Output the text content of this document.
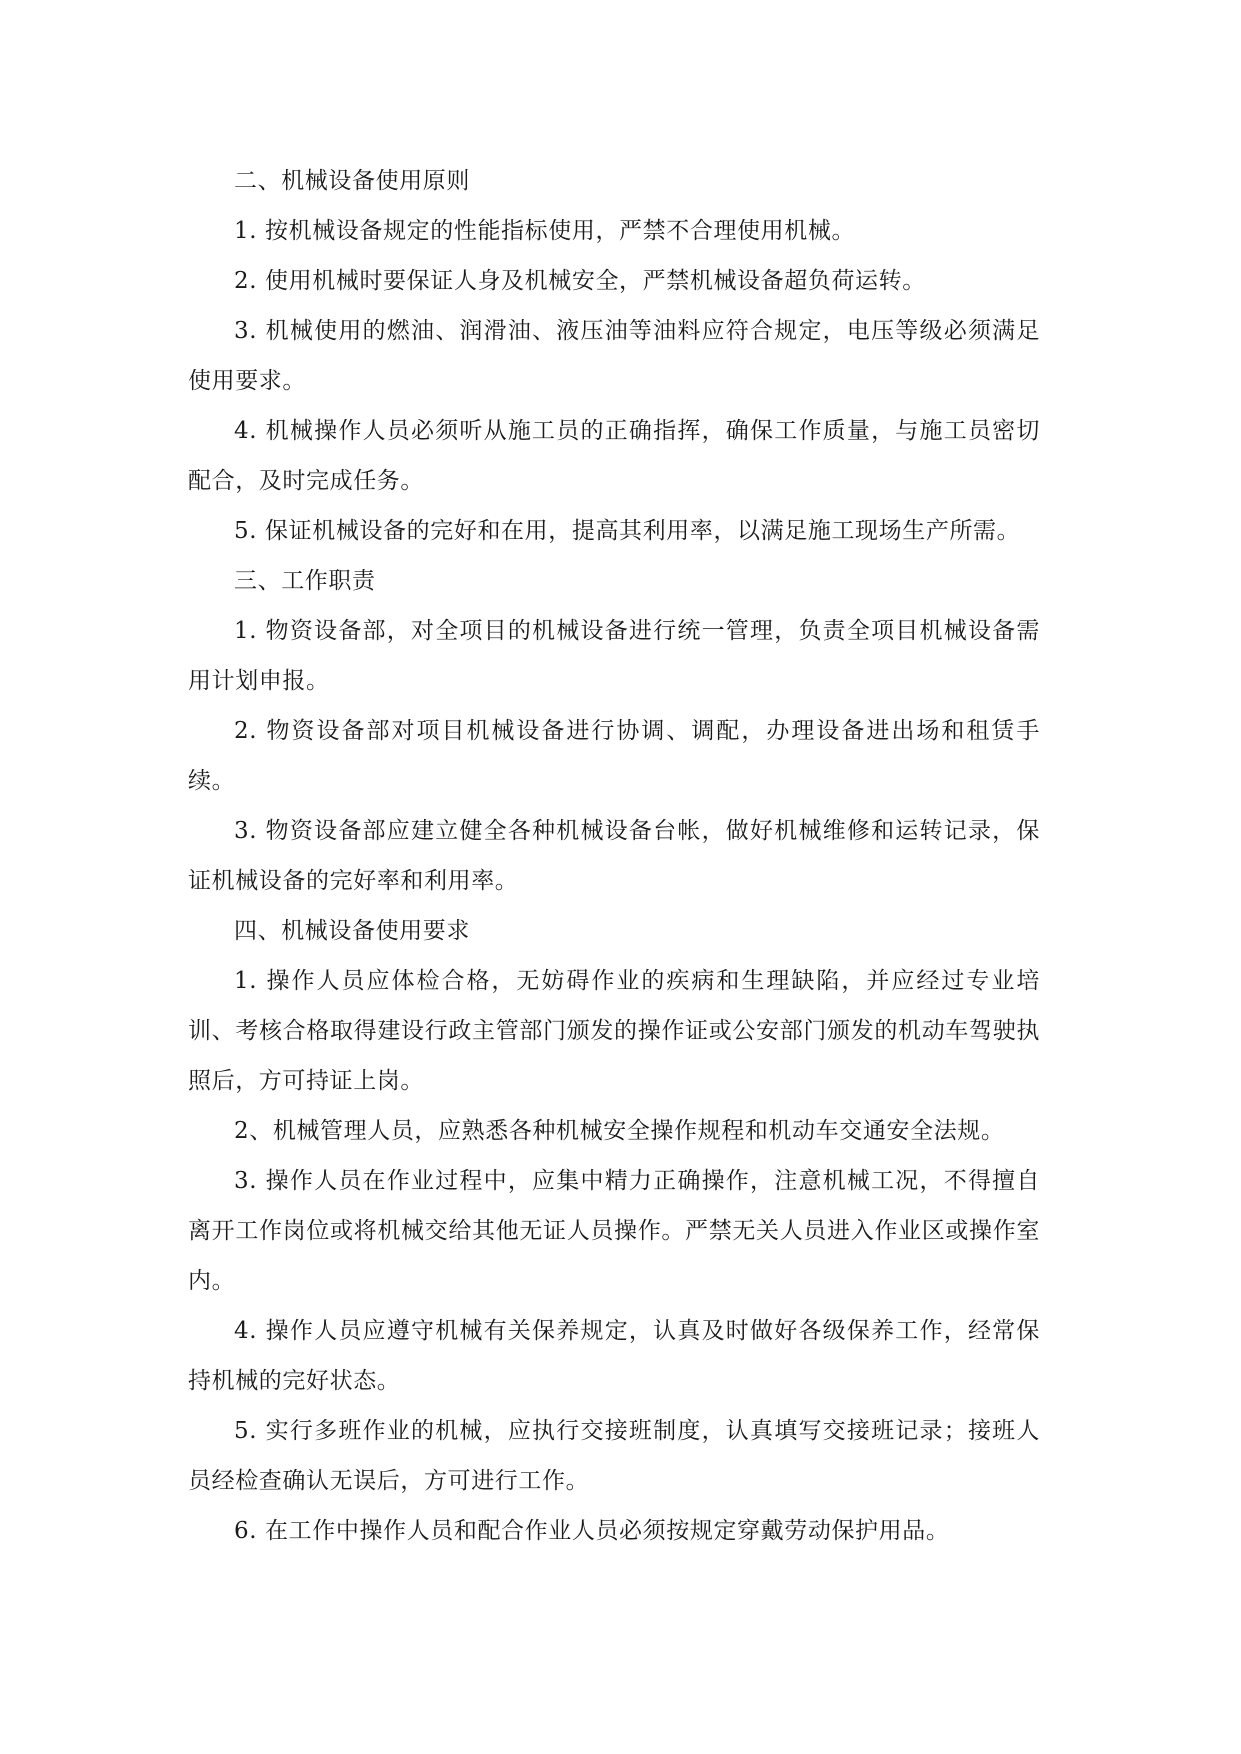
二、机械设备使用原则

1. 按机械设备规定的性能指标使用，严禁不合理使用机械。

2. 使用机械时要保证人身及机械安全，严禁机械设备超负荷运转。

3. 机械使用的燃油、润滑油、液压油等油料应符合规定，电压等级必须满足使用要求。

4. 机械操作人员必须听从施工员的正确指挥，确保工作质量，与施工员密切配合，及时完成任务。

5. 保证机械设备的完好和在用，提高其利用率，以满足施工现场生产所需。

三、工作职责

1. 物资设备部，对全项目的机械设备进行统一管理，负责全项目机械设备需用计划申报。

2. 物资设备部对项目机械设备进行协调、调配，办理设备进出场和租赁手续。

3. 物资设备部应建立健全各种机械设备台帐，做好机械维修和运转记录，保证机械设备的完好率和利用率。

四、机械设备使用要求

1. 操作人员应体检合格，无妨碍作业的疾病和生理缺陷，并应经过专业培训、考核合格取得建设行政主管部门颁发的操作证或公安部门颁发的机动车驾驶执照后，方可持证上岗。

2、机械管理人员，应熟悉各种机械安全操作规程和机动车交通安全法规。

3. 操作人员在作业过程中，应集中精力正确操作，注意机械工况，不得擅自离开工作岗位或将机械交给其他无证人员操作。严禁无关人员进入作业区或操作室内。

4. 操作人员应遵守机械有关保养规定，认真及时做好各级保养工作，经常保持机械的完好状态。

5. 实行多班作业的机械，应执行交接班制度，认真填写交接班记录；接班人员经检查确认无误后，方可进行工作。

6. 在工作中操作人员和配合作业人员必须按规定穿戴劳动保护用品。
